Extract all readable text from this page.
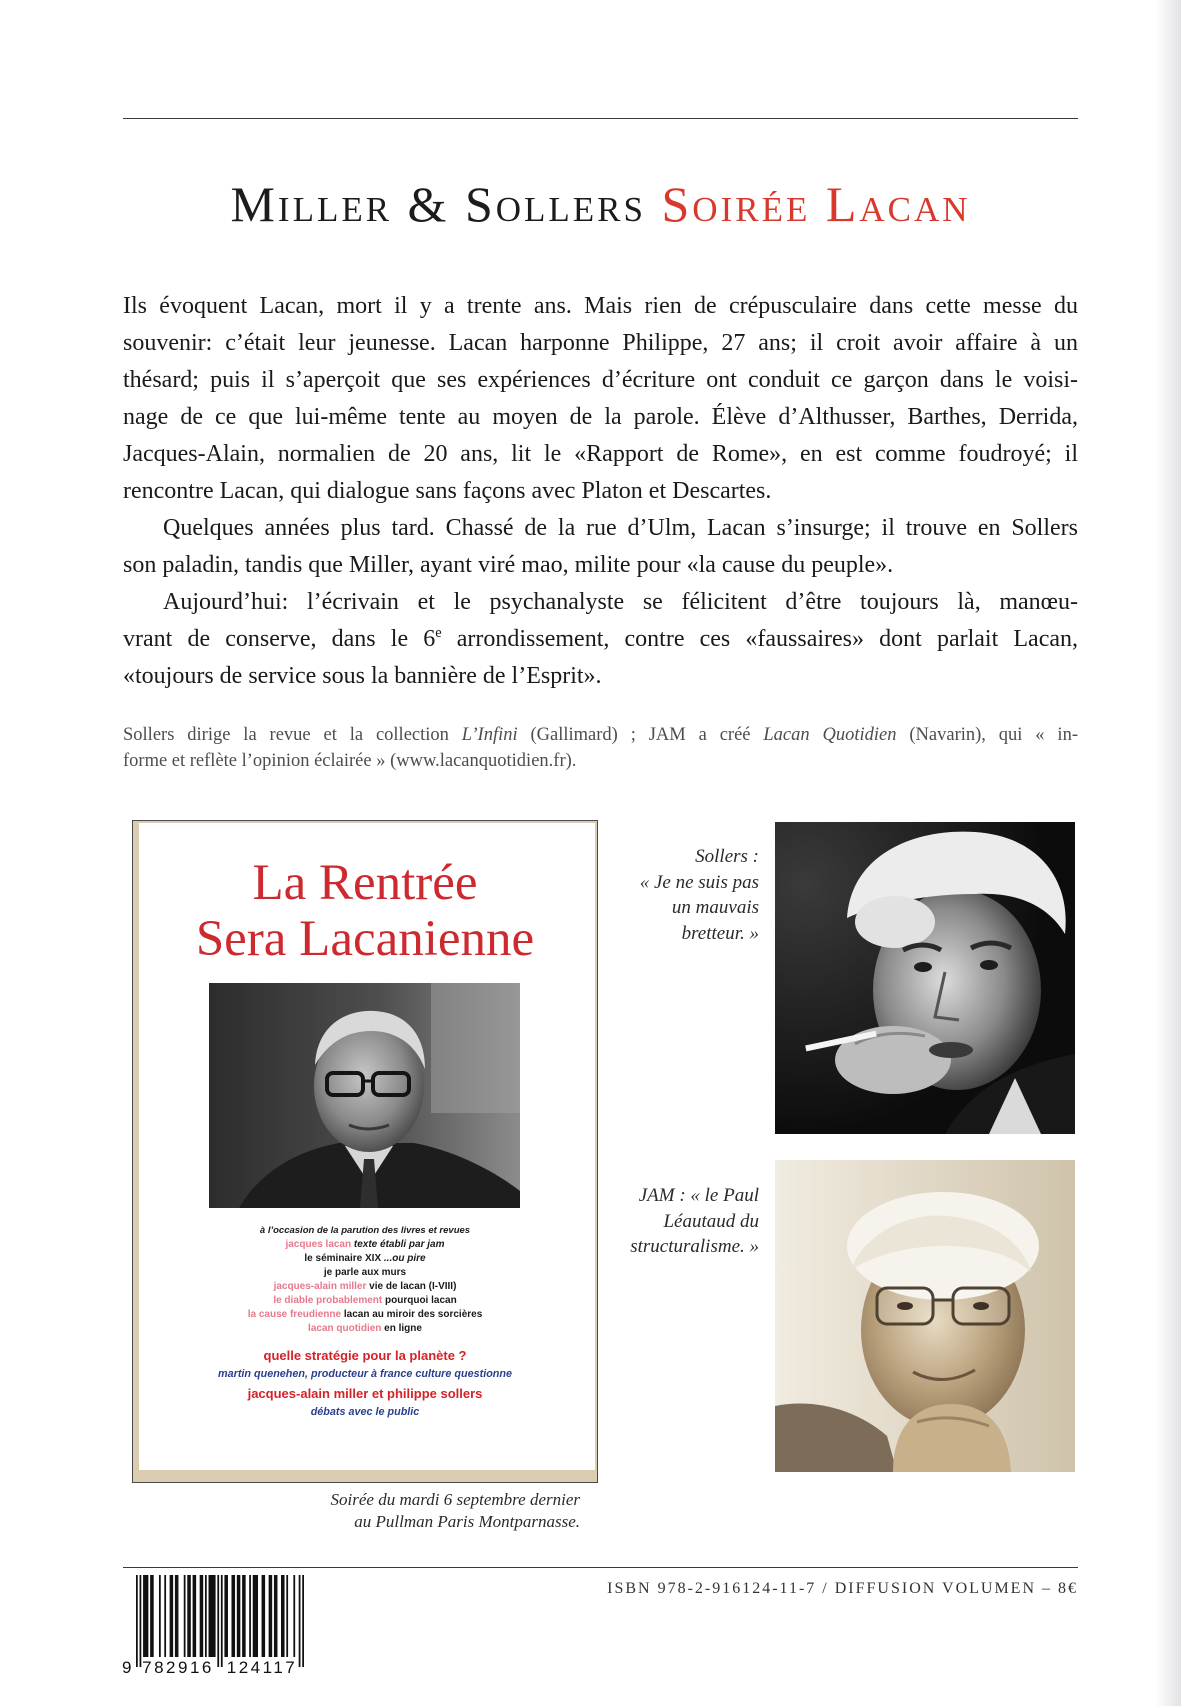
Miller & Sollers Soirée Lacan
Ils évoquent Lacan, mort il y a trente ans. Mais rien de crépusculaire dans cette messe du
souvenir: c’était leur jeunesse. Lacan harponne Philippe, 27 ans; il croit avoir affaire à un
thésard; puis il s’aperçoit que ses expériences d’écriture ont conduit ce garçon dans le voisi-
nage de ce que lui-même tente au moyen de la parole. Élève d’Althusser, Barthes, Derrida,
Jacques-Alain, normalien de 20 ans, lit le «Rapport de Rome», en est comme foudroyé; il
rencontre Lacan, qui dialogue sans façons avec Platon et Descartes.
Quelques années plus tard. Chassé de la rue d’Ulm, Lacan s’insurge; il trouve en Sollers
son paladin, tandis que Miller, ayant viré mao, milite pour «la cause du peuple».
Aujourd’hui: l’écrivain et le psychanalyste se félicitent d’être toujours là, manœu-
vrant de conserve, dans le 6e arrondissement, contre ces «faussaires» dont parlait Lacan,
«toujours de service sous la bannière de l’Esprit».
Sollers dirige la revue et la collection L’Infini (Gallimard) ; JAM a créé Lacan Quotidien (Navarin), qui « in-
forme et reflète l’opinion éclairée » (www.lacanquotidien.fr).
La Rentrée
Sera Lacanienne
à l’occasion de la parution des livres et revues
jacques lacan texte établi par jam
le séminaire XIX ...ou pire
je parle aux murs
jacques-alain miller vie de lacan (I-VIII)
le diable probablement pourquoi lacan
la cause freudienne lacan au miroir des sorcières
lacan quotidien en ligne
quelle stratégie pour la planète ?
martin quenehen, producteur à france culture questionne
jacques-alain miller et philippe sollers
débats avec le public
Soirée du mardi 6 septembre dernier
au Pullman Paris Montparnasse.
Sollers :
« Je ne suis pas
un mauvais
bretteur. »
JAM : « le Paul
Léautaud du
structuralisme. »
9 782916 124117
ISBN 978-2-916124-11-7 / DIFFUSION VOLUMEN – 8€
